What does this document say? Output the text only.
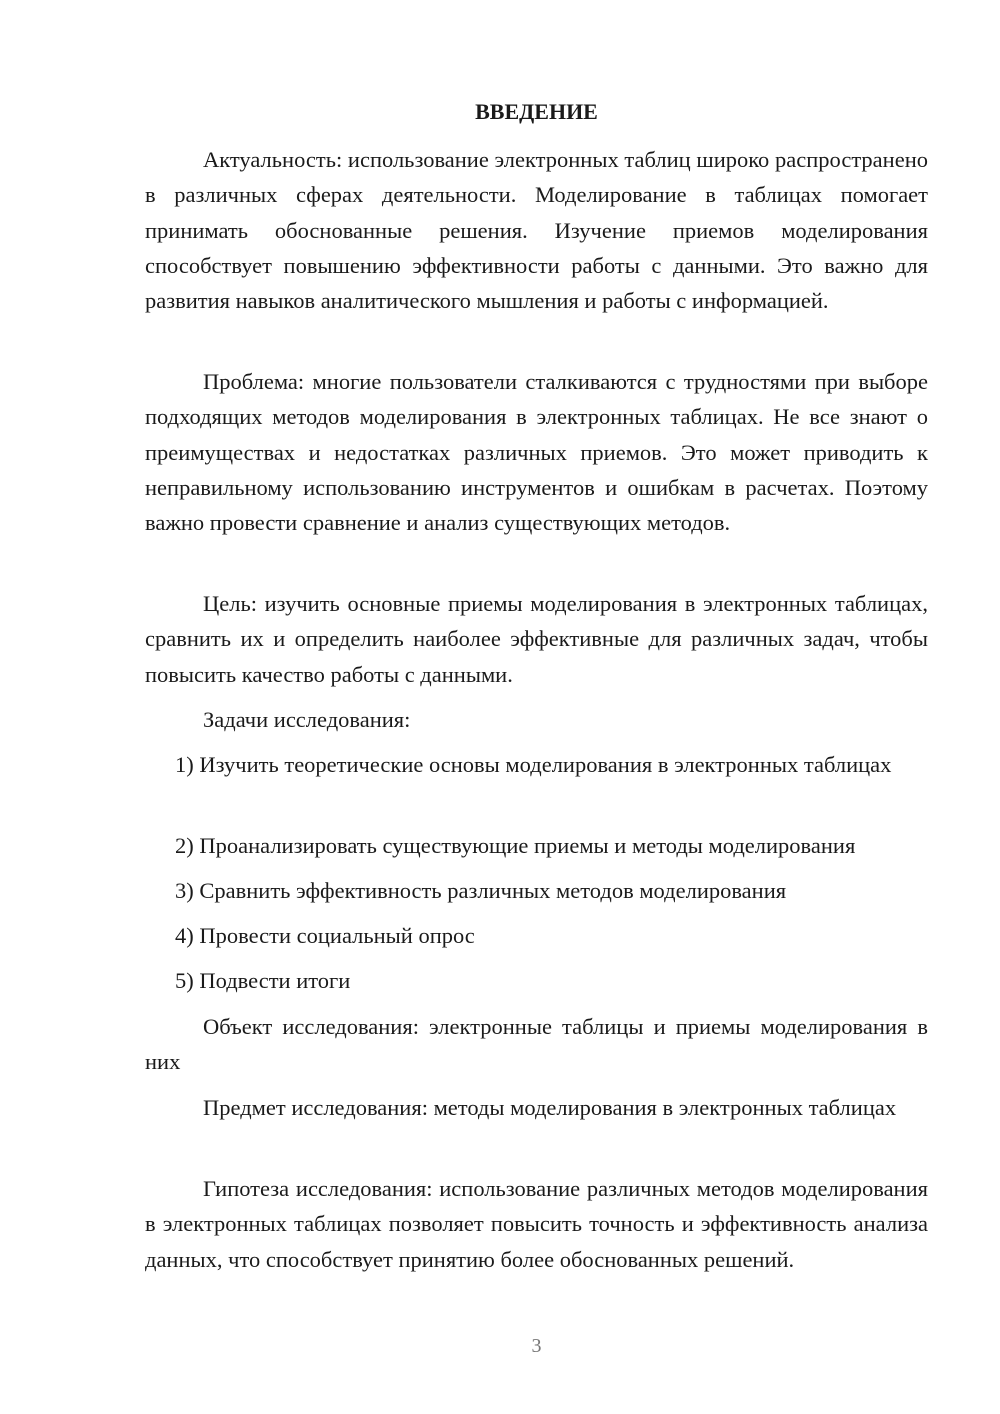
ВВЕДЕНИЕ

Актуальность: использование электронных таблиц широко распространено в различных сферах деятельности. Моделирование в таблицах помогает принимать обоснованные решения. Изучение приемов моделирования способствует повышению эффективности работы с данными. Это важно для развития навыков аналитического мышления и работы с информацией.

Проблема: многие пользователи сталкиваются с трудностями при выборе подходящих методов моделирования в электронных таблицах. Не все знают о преимуществах и недостатках различных приемов. Это может приводить к неправильному использованию инструментов и ошибкам в расчетах. Поэтому важно провести сравнение и анализ существующих методов.

Цель: изучить основные приемы моделирования в электронных таблицах, сравнить их и определить наиболее эффективные для различных задач, чтобы повысить качество работы с данными.

Задачи исследования:

1) Изучить теоретические основы моделирования в электронных таблицах

2) Проанализировать существующие приемы и методы моделирования

3) Сравнить эффективность различных методов моделирования

4) Провести социальный опрос

5) Подвести итоги

Объект исследования: электронные таблицы и приемы моделирования в них

Предмет исследования: методы моделирования в электронных таблицах

Гипотеза исследования: использование различных методов моделирования в электронных таблицах позволяет повысить точность и эффективность анализа данных, что способствует принятию более обоснованных решений.

3
